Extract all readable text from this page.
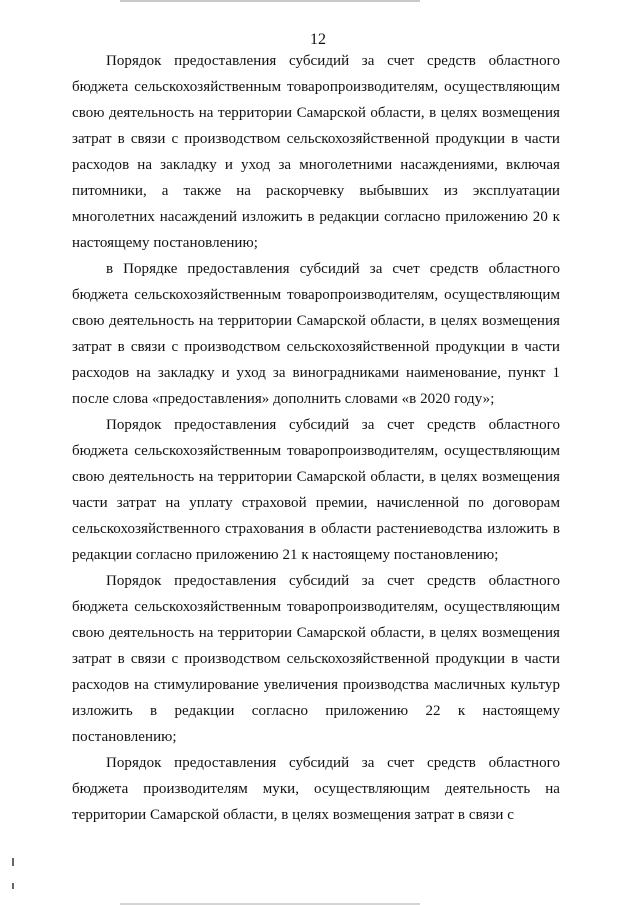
12

Порядок предоставления субсидий за счет средств областного бюджета сельскохозяйственным товаропроизводителям, осуществляющим свою деятельность на территории Самарской области, в целях возмещения затрат в связи с производством сельскохозяйственной продукции в части расходов на закладку и уход за многолетними насаждениями, включая питомники, а также на раскорчевку выбывших из эксплуатации многолетних насаждений изложить в редакции согласно приложению 20 к настоящему постановлению;

в Порядке предоставления субсидий за счет средств областного бюджета сельскохозяйственным товаропроизводителям, осуществляющим свою деятельность на территории Самарской области, в целях возмещения затрат в связи с производством сельскохозяйственной продукции в части расходов на закладку и уход за виноградниками наименование, пункт 1 после слова «предоставления» дополнить словами «в 2020 году»;

Порядок предоставления субсидий за счет средств областного бюджета сельскохозяйственным товаропроизводителям, осуществляющим свою деятельность на территории Самарской области, в целях возмещения части затрат на уплату страховой премии, начисленной по договорам сельскохозяйственного страхования в области растениеводства изложить в редакции согласно приложению 21 к настоящему постановлению;

Порядок предоставления субсидий за счет средств областного бюджета сельскохозяйственным товаропроизводителям, осуществляющим свою деятельность на территории Самарской области, в целях возмещения затрат в связи с производством сельскохозяйственной продукции в части расходов на стимулирование увеличения производства масличных культур изложить в редакции согласно приложению 22 к настоящему постановлению;

Порядок предоставления субсидий за счет средств областного бюджета производителям муки, осуществляющим деятельность на территории Самарской области, в целях возмещения затрат в связи с
